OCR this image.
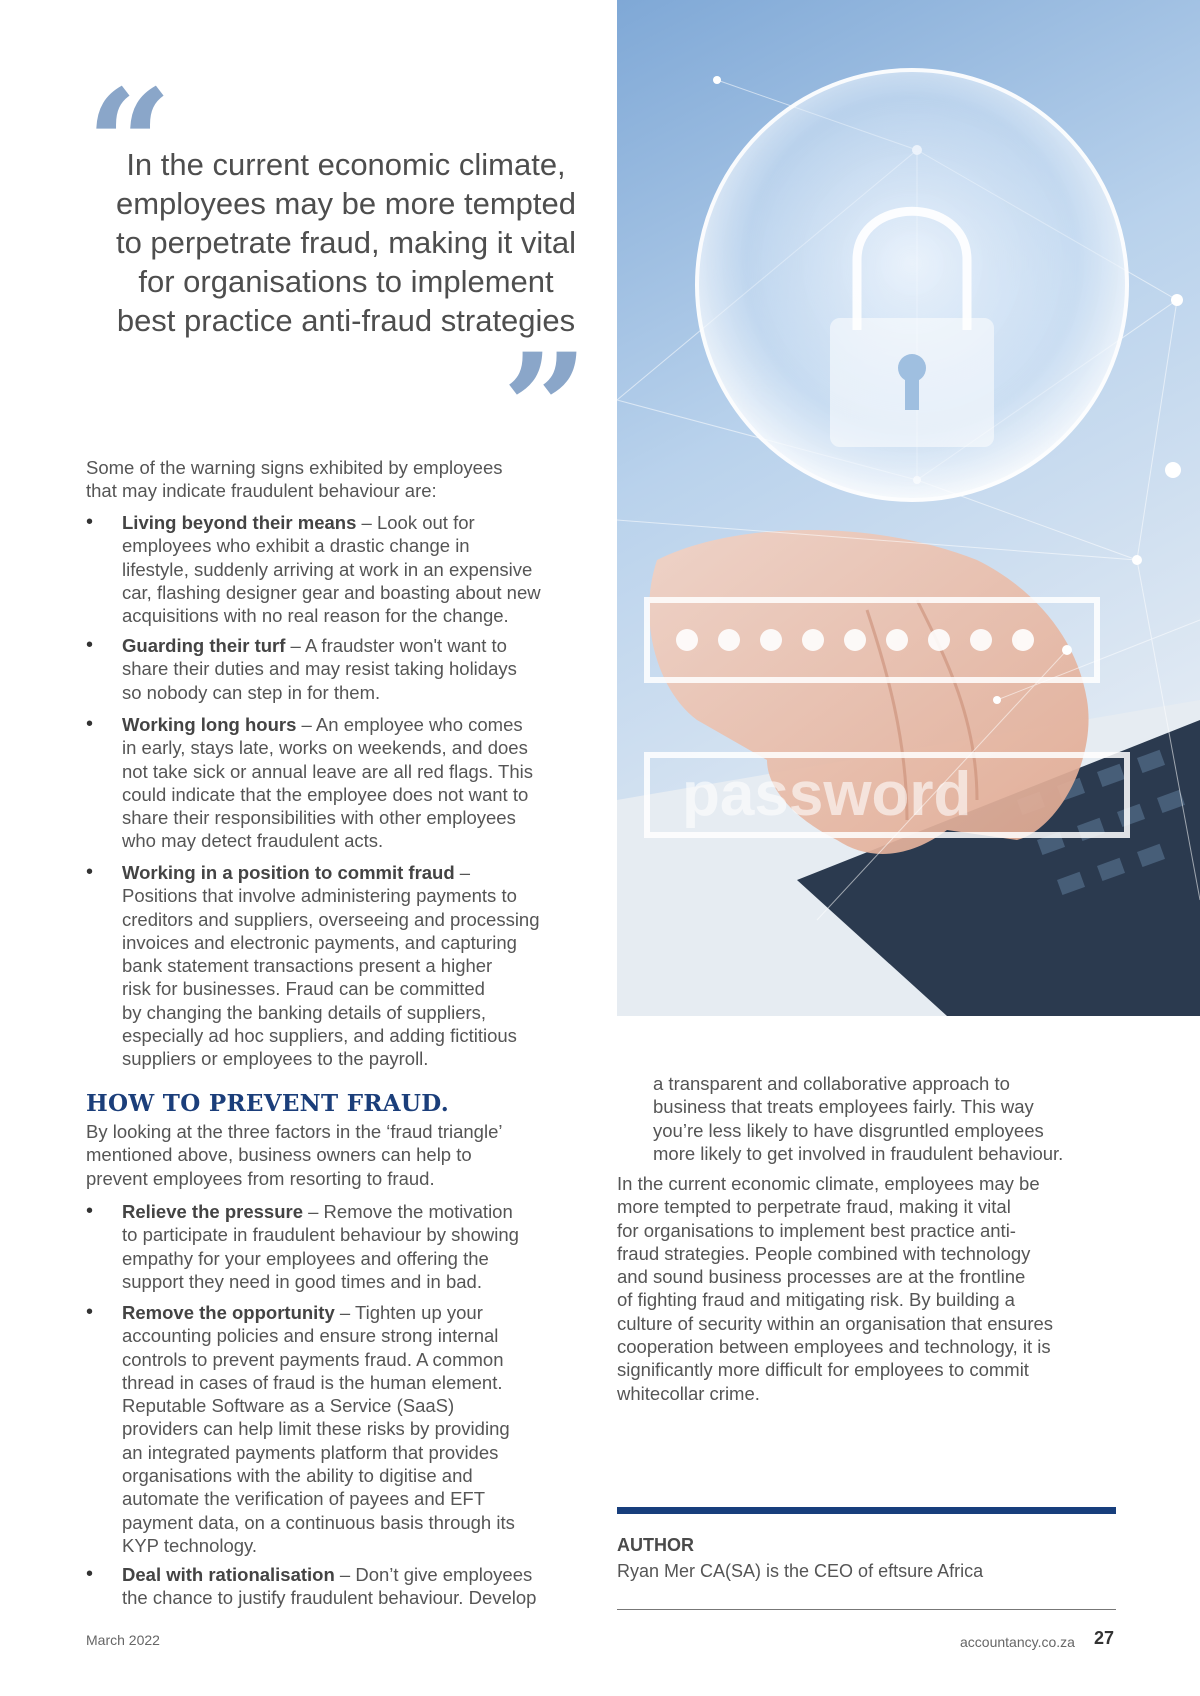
“
In the current economic climate,
employees may be more tempted
to perpetrate fraud, making it vital
for organisations to implement
best practice anti-fraud strategies
”
Some of the warning signs exhibited by employees
that may indicate fraudulent behaviour are:
• Living beyond their means – Look out for
employees who exhibit a drastic change in
lifestyle, suddenly arriving at work in an expensive
car, flashing designer gear and boasting about new
acquisitions with no real reason for the change.
• Guarding their turf – A fraudster won't want to
share their duties and may resist taking holidays
so nobody can step in for them.
• Working long hours – An employee who comes
in early, stays late, works on weekends, and does
not take sick or annual leave are all red flags. This
could indicate that the employee does not want to
share their responsibilities with other employees
who may detect fraudulent acts.
• Working in a position to commit fraud –
Positions that involve administering payments to
creditors and suppliers, overseeing and processing
invoices and electronic payments, and capturing
bank statement transactions present a higher
risk for businesses. Fraud can be committed
by changing the banking details of suppliers,
especially ad hoc suppliers, and adding fictitious
suppliers or employees to the payroll.
HOW TO PREVENT FRAUD.
By looking at the three factors in the ‘fraud triangle’
mentioned above, business owners can help to
prevent employees from resorting to fraud.
• Relieve the pressure – Remove the motivation
to participate in fraudulent behaviour by showing
empathy for your employees and offering the
support they need in good times and in bad.
• Remove the opportunity – Tighten up your
accounting policies and ensure strong internal
controls to prevent payments fraud. A common
thread in cases of fraud is the human element.
Reputable Software as a Service (SaaS)
providers can help limit these risks by providing
an integrated payments platform that provides
organisations with the ability to digitise and
automate the verification of payees and EFT
payment data, on a continuous basis through its
KYP technology.
• Deal with rationalisation – Don’t give employees
the chance to justify fraudulent behaviour. Develop
password
a transparent and collaborative approach to
business that treats employees fairly. This way
you’re less likely to have disgruntled employees
more likely to get involved in fraudulent behaviour.
In the current economic climate, employees may be
more tempted to perpetrate fraud, making it vital
for organisations to implement best practice anti-
fraud strategies. People combined with technology
and sound business processes are at the frontline
of fighting fraud and mitigating risk. By building a
culture of security within an organisation that ensures
cooperation between employees and technology, it is
significantly more difficult for employees to commit
whitecollar crime.
AUTHOR
Ryan Mer CA(SA) is the CEO of eftsure Africa
March 2022	accountancy.co.za 27
